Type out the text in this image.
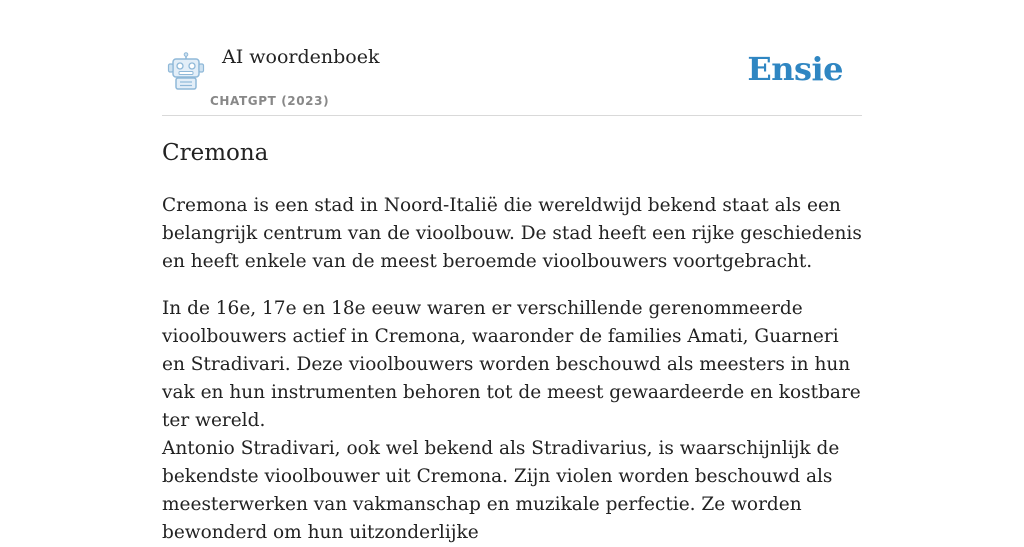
AI woordenboek
CHATGPT (2023)
Ensie
Cremona

Cremona is een stad in Noord-Italië die wereldwijd bekend staat als een belangrijk centrum van de vioolbouw. De stad heeft een rijke geschiedenis en heeft enkele van de meest beroemde vioolbouwers voortgebracht.

In de 16e, 17e en 18e eeuw waren er verschillende gerenommeerde vioolbouwers actief in Cremona, waaronder de families Amati, Guarneri en Stradivari. Deze vioolbouwers worden beschouwd als meesters in hun vak en hun instrumenten behoren tot de meest gewaardeerde en kostbare ter wereld.

Antonio Stradivari, ook wel bekend als Stradivarius, is waarschijnlijk de bekendste vioolbouwer uit Cremona. Zijn violen worden beschouwd als meesterwerken van vakmanschap en muzikale perfectie. Ze worden bewonderd om hun uitzonderlijke
